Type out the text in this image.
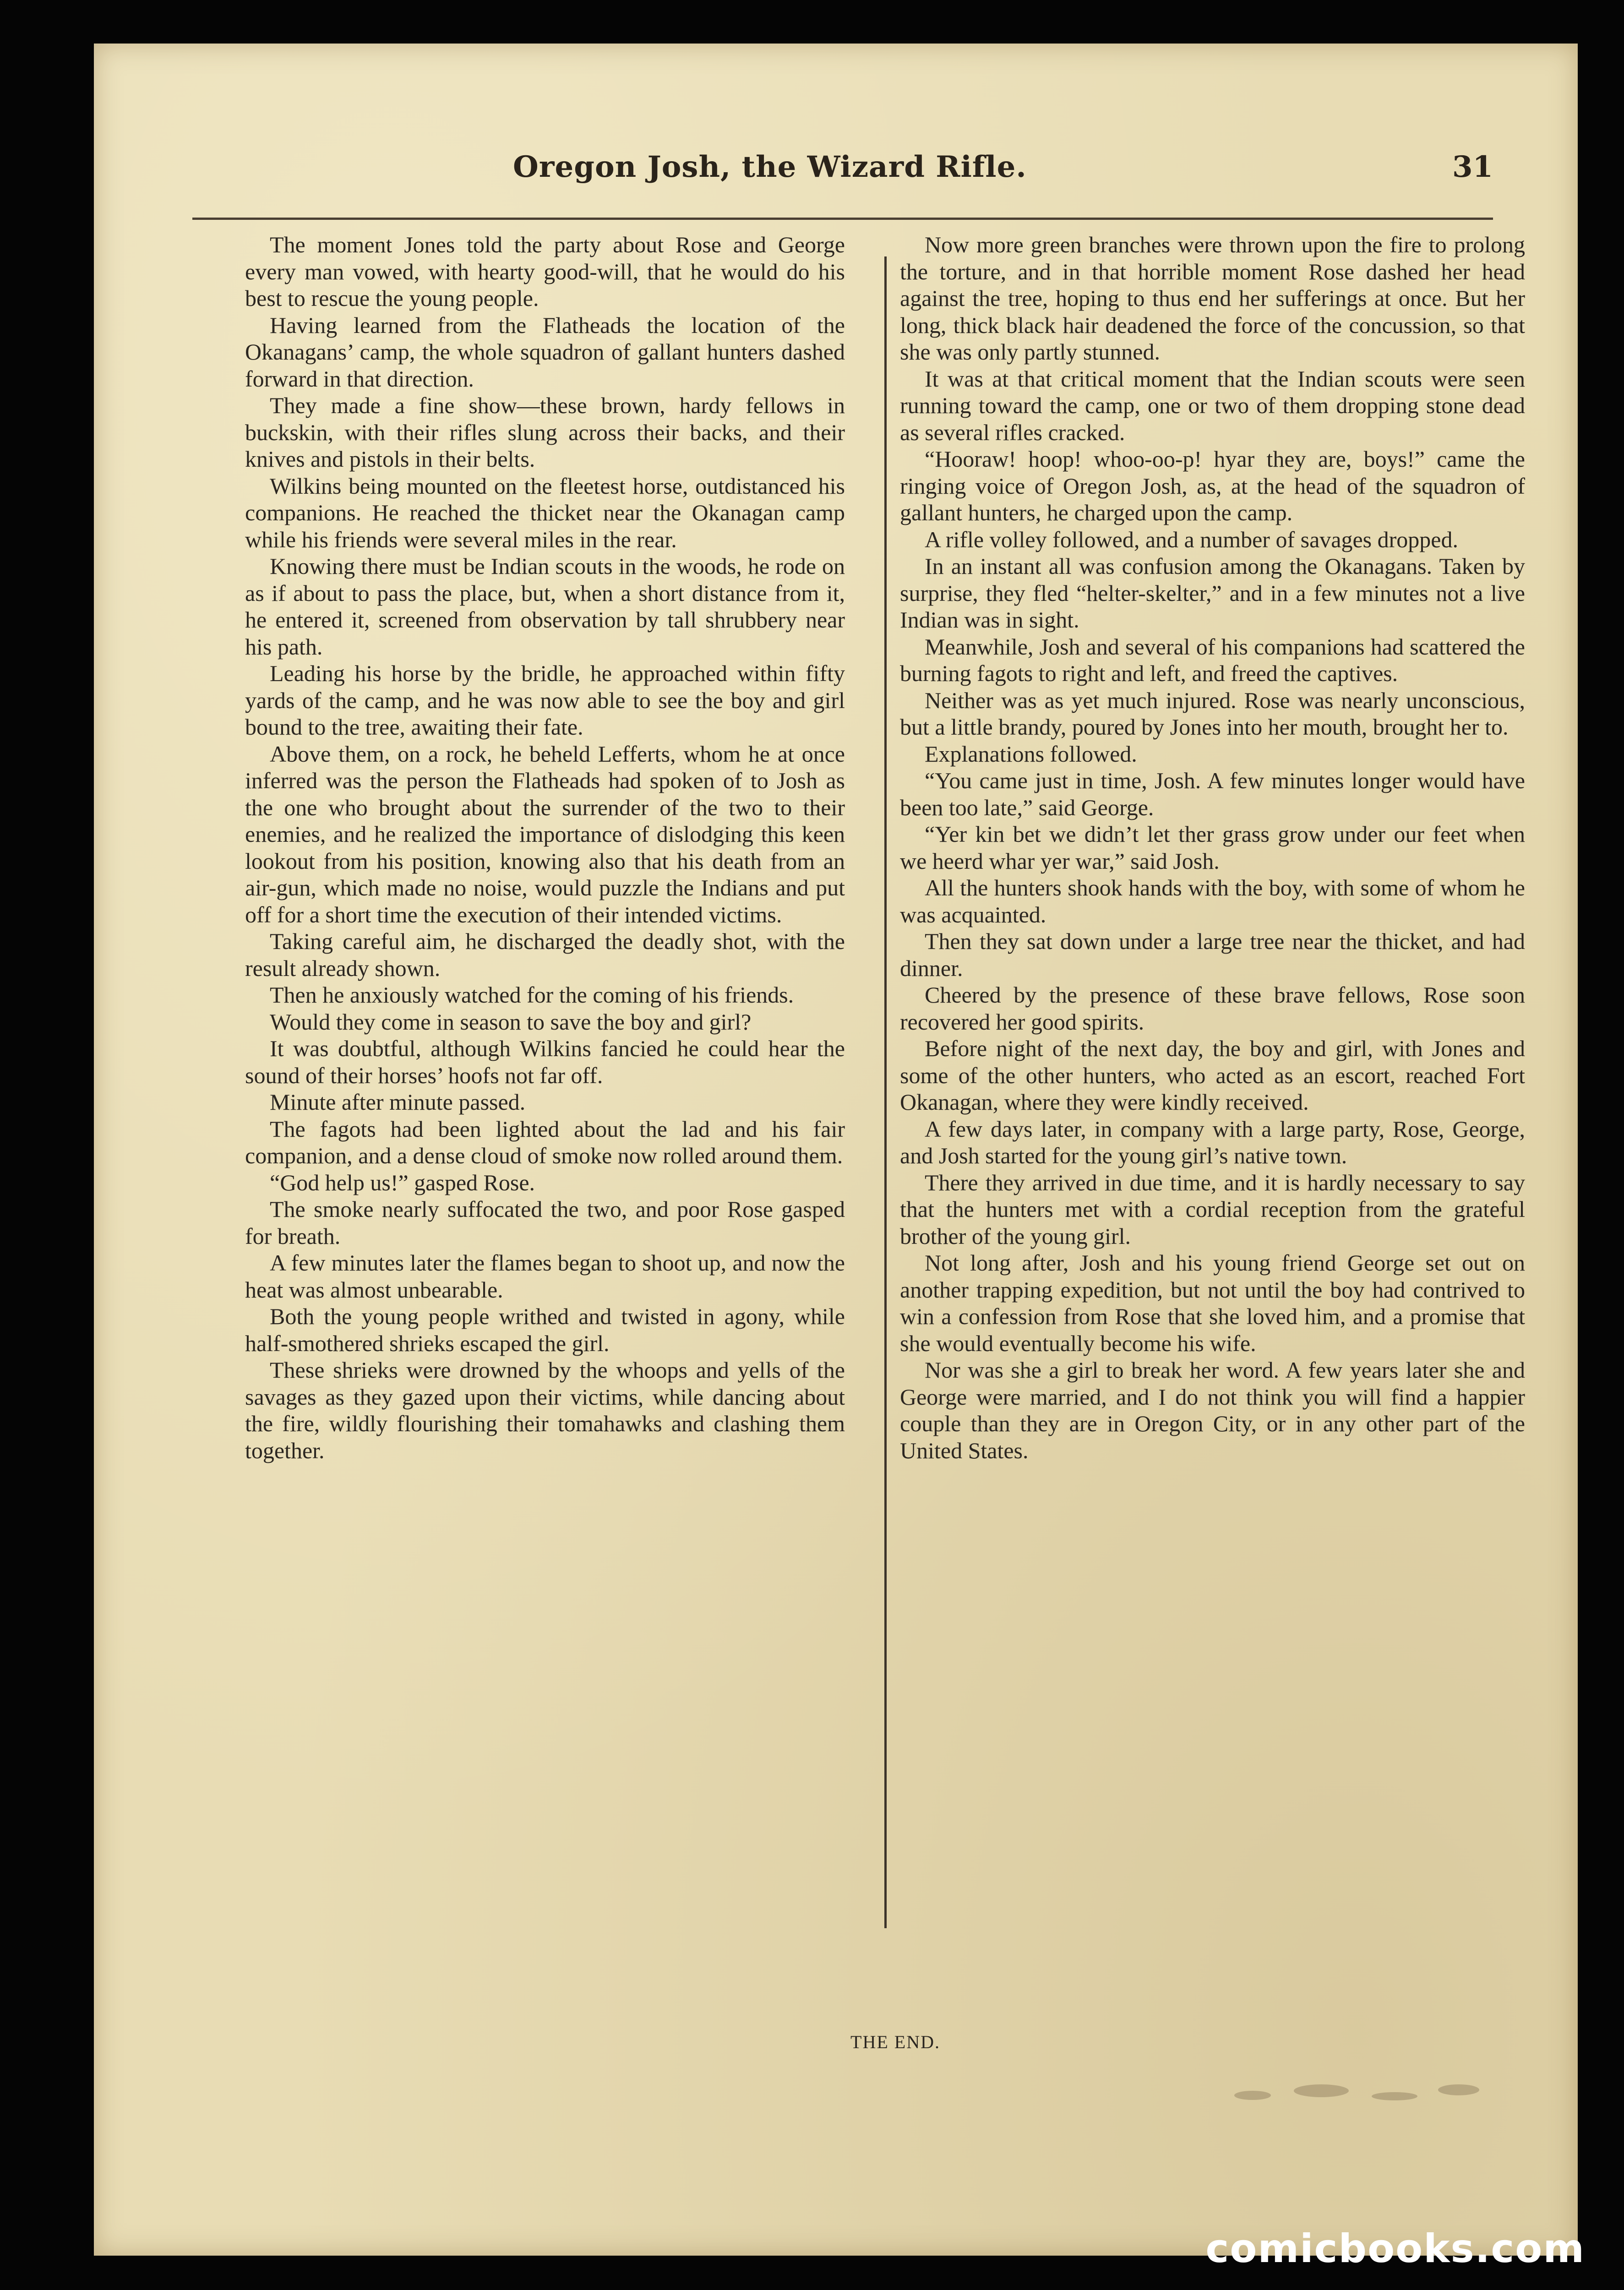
Oregon Josh, the Wizard Rifle.	31

The moment Jones told the party about Rose and George every man vowed, with hearty good-will, that he would do his best to rescue the young people.

Having learned from the Flatheads the location of the Okanagans’ camp, the whole squadron of gallant hunters dashed forward in that direction.

They made a fine show—these brown, hardy fellows in buckskin, with their rifles slung across their backs, and their knives and pistols in their belts.

Wilkins being mounted on the fleetest horse, outdistanced his companions. He reached the thicket near the Okanagan camp while his friends were several miles in the rear.

Knowing there must be Indian scouts in the woods, he rode on as if about to pass the place, but, when a short distance from it, he entered it, screened from observation by tall shrubbery near his path.

Leading his horse by the bridle, he approached within fifty yards of the camp, and he was now able to see the boy and girl bound to the tree, awaiting their fate.

Above them, on a rock, he beheld Lefferts, whom he at once inferred was the person the Flatheads had spoken of to Josh as the one who brought about the surrender of the two to their enemies, and he realized the importance of dislodging this keen lookout from his position, knowing also that his death from an air-gun, which made no noise, would puzzle the Indians and put off for a short time the execution of their intended victims.

Taking careful aim, he discharged the deadly shot, with the result already shown.

Then he anxiously watched for the coming of his friends.

Would they come in season to save the boy and girl?

It was doubtful, although Wilkins fancied he could hear the sound of their horses’ hoofs not far off.

Minute after minute passed.

The fagots had been lighted about the lad and his fair companion, and a dense cloud of smoke now rolled around them.

“God help us!” gasped Rose.

The smoke nearly suffocated the two, and poor Rose gasped for breath.

A few minutes later the flames began to shoot up, and now the heat was almost unbearable.

Both the young people writhed and twisted in agony, while half-smothered shrieks escaped the girl.

These shrieks were drowned by the whoops and yells of the savages as they gazed upon their victims, while dancing about the fire, wildly flourishing their tomahawks and clashing them together.

Now more green branches were thrown upon the fire to prolong the torture, and in that horrible moment Rose dashed her head against the tree, hoping to thus end her sufferings at once. But her long, thick black hair deadened the force of the concussion, so that she was only partly stunned.

It was at that critical moment that the Indian scouts were seen running toward the camp, one or two of them dropping stone dead as several rifles cracked.

“Hooraw! hoop! whoo-oo-p! hyar they are, boys!” came the ringing voice of Oregon Josh, as, at the head of the squadron of gallant hunters, he charged upon the camp.

A rifle volley followed, and a number of savages dropped.

In an instant all was confusion among the Okanagans. Taken by surprise, they fled “helter-skelter,” and in a few minutes not a live Indian was in sight.

Meanwhile, Josh and several of his companions had scattered the burning fagots to right and left, and freed the captives.

Neither was as yet much injured. Rose was nearly unconscious, but a little brandy, poured by Jones into her mouth, brought her to.

Explanations followed.

“You came just in time, Josh. A few minutes longer would have been too late,” said George.

“Yer kin bet we didn’t let ther grass grow under our feet when we heerd whar yer war,” said Josh.

All the hunters shook hands with the boy, with some of whom he was acquainted.

Then they sat down under a large tree near the thicket, and had dinner.

Cheered by the presence of these brave fellows, Rose soon recovered her good spirits.

Before night of the next day, the boy and girl, with Jones and some of the other hunters, who acted as an escort, reached Fort Okanagan, where they were kindly received.

A few days later, in company with a large party, Rose, George, and Josh started for the young girl’s native town.

There they arrived in due time, and it is hardly necessary to say that the hunters met with a cordial reception from the grateful brother of the young girl.

Not long after, Josh and his young friend George set out on another trapping expedition, but not until the boy had contrived to win a confession from Rose that she loved him, and a promise that she would eventually become his wife.

Nor was she a girl to break her word. A few years later she and George were married, and I do not think you will find a happier couple than they are in Oregon City, or in any other part of the United States.

THE END.
comicbooks.com
